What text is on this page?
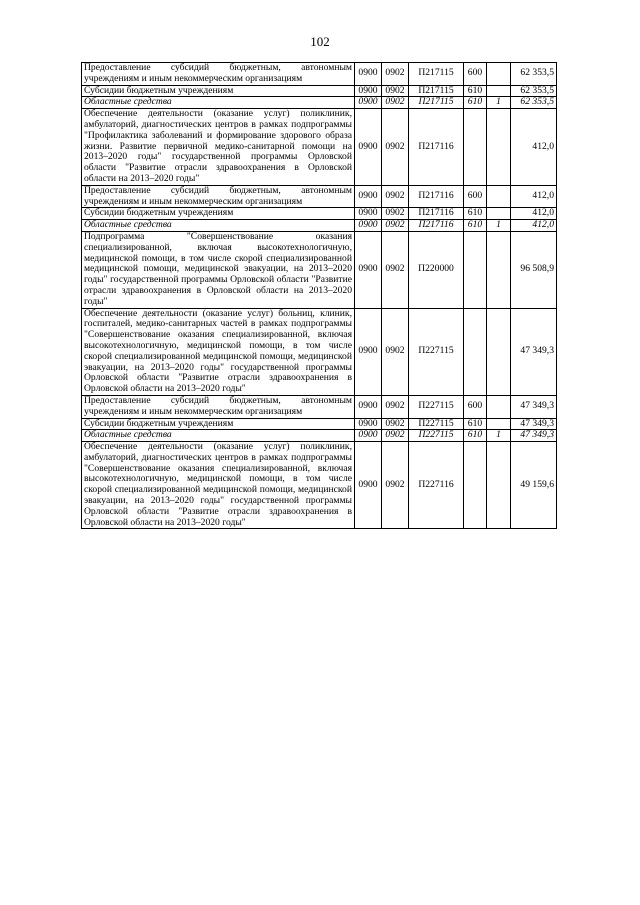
102
Предоставление субсидий бюджетным, автономным учреждениям и иным некоммерческим организациям	0900	0902	П217115	600		62 353,5
Субсидии бюджетным учреждениям	0900	0902	П217115	610		62 353,5
Областные средства	0900	0902	П217115	610	1	62 353,5
Обеспечение деятельности (оказание услуг) поликлиник, амбулаторий, диагностических центров в рамках подпрограммы "Профилактика заболеваний и формирование здорового образа жизни. Развитие первичной медико-санитарной помощи на 2013–2020 годы" государственной программы Орловской области "Развитие отрасли здравоохранения в Орловской области на 2013–2020 годы"	0900	0902	П217116			412,0
Предоставление субсидий бюджетным, автономным учреждениям и иным некоммерческим организациям	0900	0902	П217116	600		412,0
Субсидии бюджетным учреждениям	0900	0902	П217116	610		412,0
Областные средства	0900	0902	П217116	610	1	412,0
Подпрограмма "Совершенствование оказания специализированной, включая высокотехнологичную, медицинской помощи, в том числе скорой специализированной медицинской помощи, медицинской эвакуации, на 2013–2020 годы" государственной программы Орловской области "Развитие отрасли здравоохранения в Орловской области на 2013–2020 годы"	0900	0902	П220000			96 508,9
Обеспечение деятельности (оказание услуг) больниц, клиник, госпиталей, медико-санитарных частей в рамках подпрограммы "Совершенствование оказания специализированной, включая высокотехнологичную, медицинской помощи, в том числе скорой специализированной медицинской помощи, медицинской эвакуации, на 2013–2020 годы" государственной программы Орловской области "Развитие отрасли здравоохранения в Орловской области на 2013–2020 годы"	0900	0902	П227115			47 349,3
Предоставление субсидий бюджетным, автономным учреждениям и иным некоммерческим организациям	0900	0902	П227115	600		47 349,3
Субсидии бюджетным учреждениям	0900	0902	П227115	610		47 349,3
Областные средства	0900	0902	П227115	610	1	47 349,3
Обеспечение деятельности (оказание услуг) поликлиник, амбулаторий, диагностических центров в рамках подпрограммы "Совершенствование оказания специализированной, включая высокотехнологичную, медицинской помощи, в том числе скорой специализированной медицинской помощи, медицинской эвакуации, на 2013–2020 годы" государственной программы Орловской области "Развитие отрасли здравоохранения в Орловской области на 2013–2020 годы"	0900	0902	П227116			49 159,6
